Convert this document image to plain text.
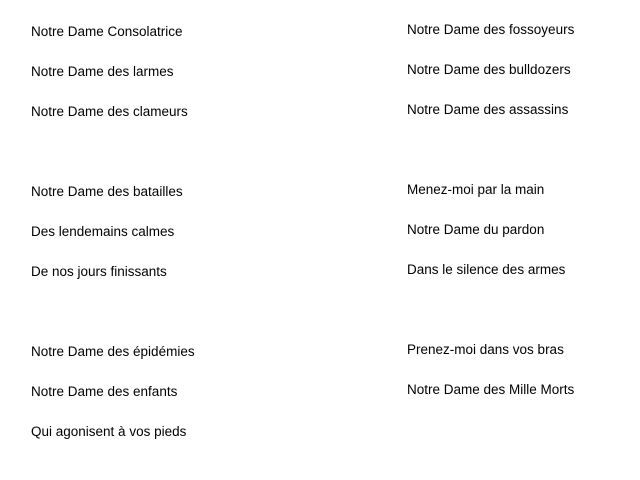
Notre Dame Consolatrice
Notre Dame des larmes
Notre Dame des clameurs
Notre Dame des batailles
Des lendemains calmes
De nos jours finissants
Notre Dame des épidémies
Notre Dame des enfants
Qui agonisent à vos pieds
Notre Dame des fossoyeurs
Notre Dame des bulldozers
Notre Dame des assassins
Menez-moi par la main
Notre Dame du pardon
Dans le silence des armes
Prenez-moi dans vos bras
Notre Dame des Mille Morts
